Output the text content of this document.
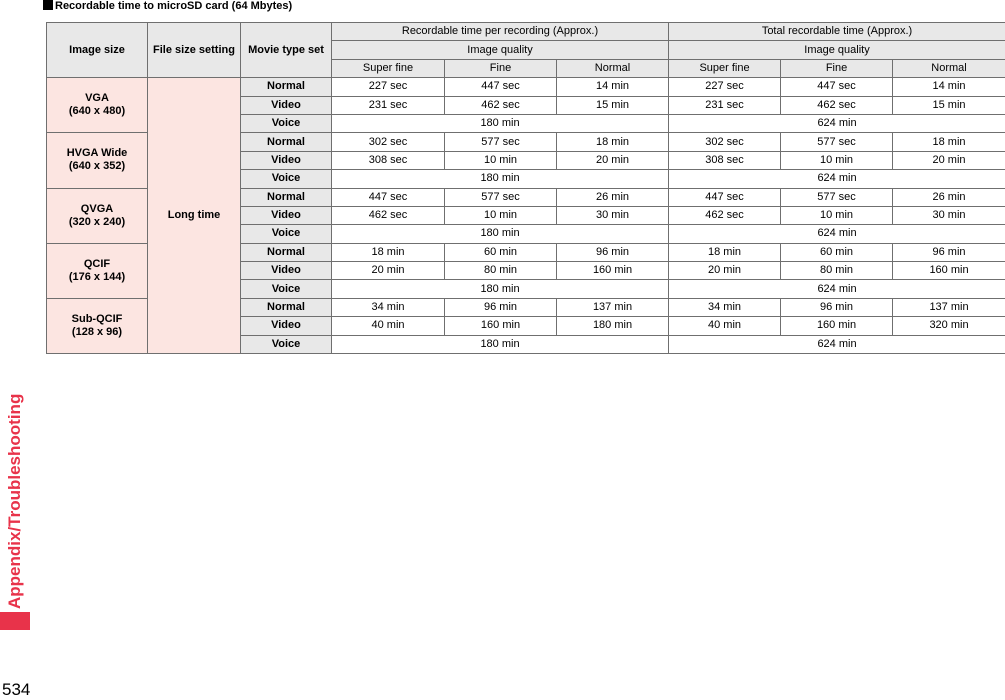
Recordable time to microSD card (64 Mbytes)
Image size	File size setting	Movie type set	Recordable time per recording (Approx.)			Total recordable time (Approx.)		
			Image quality			Image quality		
			Super fine	Fine	Normal	Super fine	Fine	Normal

VGA
(640 x 480)	Long time	Normal	227 sec	447 sec	14 min	227 sec	447 sec	14 min
		Video	231 sec	462 sec	15 min	231 sec	462 sec	15 min
		Voice	180 min			624 min		

HVGA Wide
(640 x 352)		Normal	302 sec	577 sec	18 min	302 sec	577 sec	18 min
		Video	308 sec	10 min	20 min	308 sec	10 min	20 min
		Voice	180 min			624 min		

QVGA
(320 x 240)		Normal	447 sec	577 sec	26 min	447 sec	577 sec	26 min
		Video	462 sec	10 min	30 min	462 sec	10 min	30 min
		Voice	180 min			624 min		

QCIF
(176 x 144)		Normal	18 min	60 min	96 min	18 min	60 min	96 min
		Video	20 min	80 min	160 min	20 min	80 min	160 min
		Voice	180 min			624 min		

Sub-QCIF
(128 x 96)		Normal	34 min	96 min	137 min	34 min	96 min	137 min
		Video	40 min	160 min	180 min	40 min	160 min	320 min
		Voice	180 min			624 min		
Appendix/Troubleshooting
534
